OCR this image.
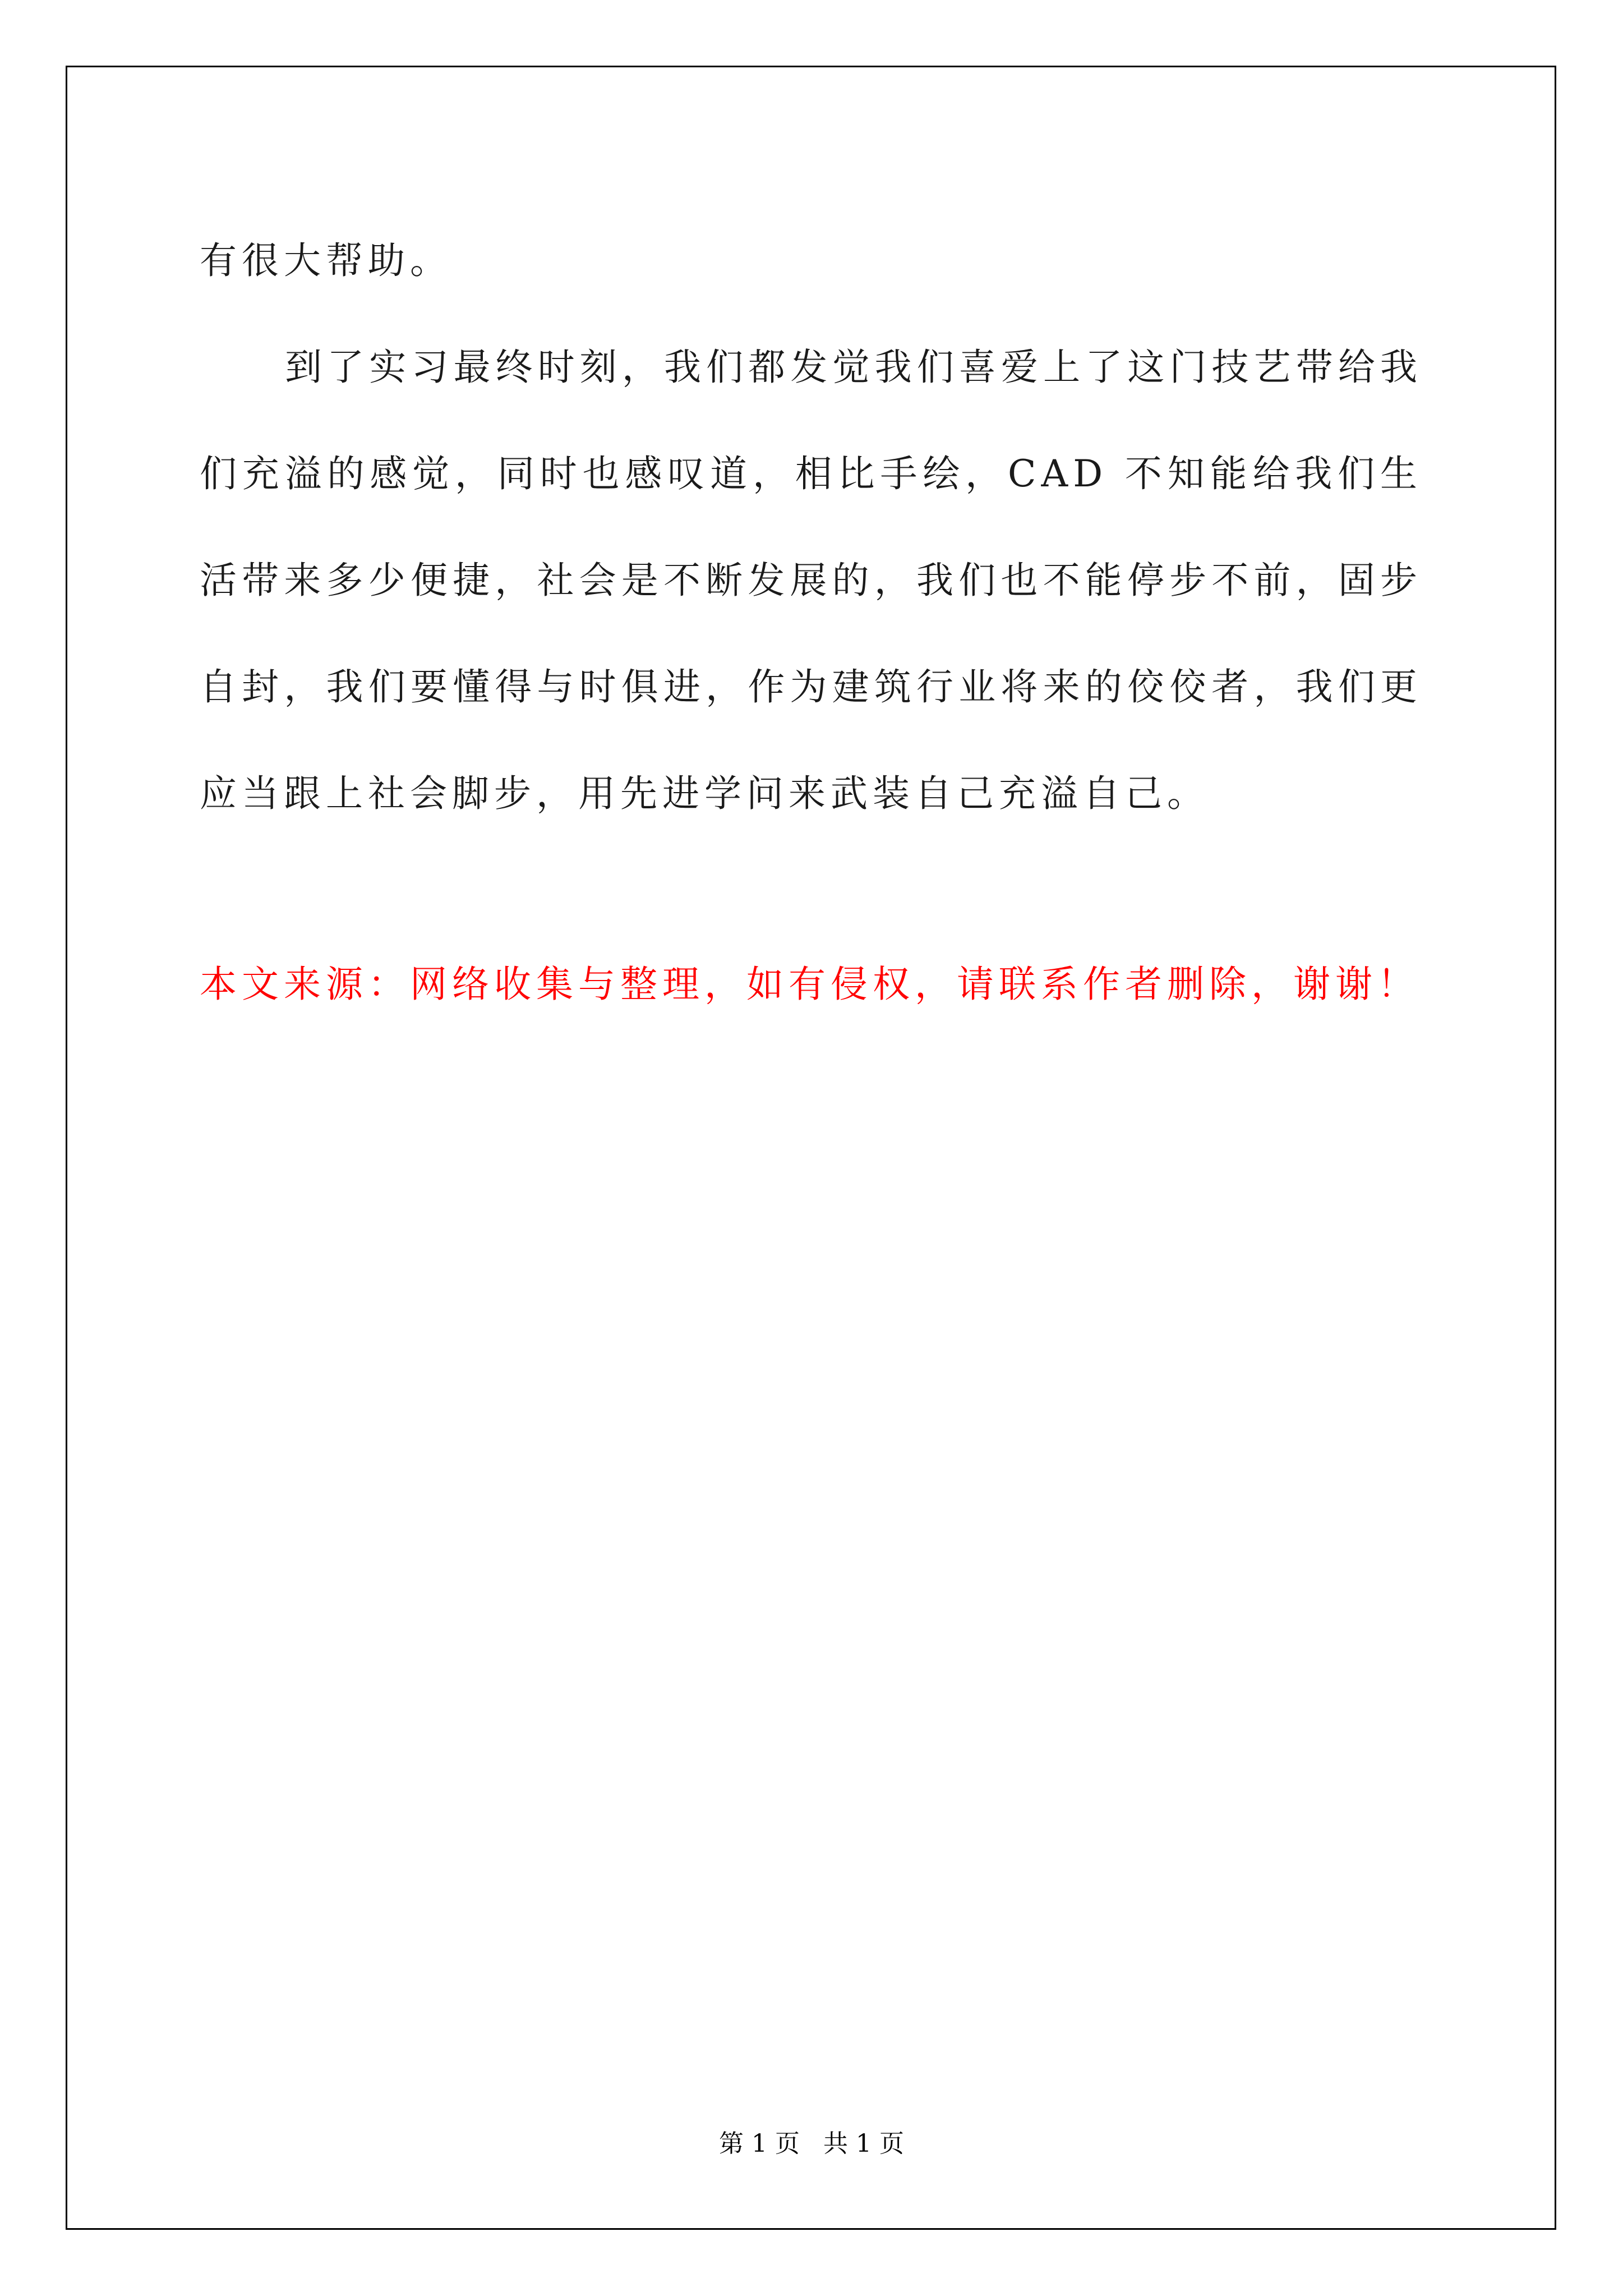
有很大帮助。

到了实习最终时刻，我们都发觉我们喜爱上了这门技艺带给我们充溢的感觉，同时也感叹道，相比手绘，CAD 不知能给我们生活带来多少便捷，社会是不断发展的，我们也不能停步不前，固步自封，我们要懂得与时俱进，作为建筑行业将来的佼佼者，我们更应当跟上社会脚步，用先进学问来武装自己充溢自己。

本文来源：网络收集与整理，如有侵权，请联系作者删除，谢谢！

第 1 页 共 1 页
